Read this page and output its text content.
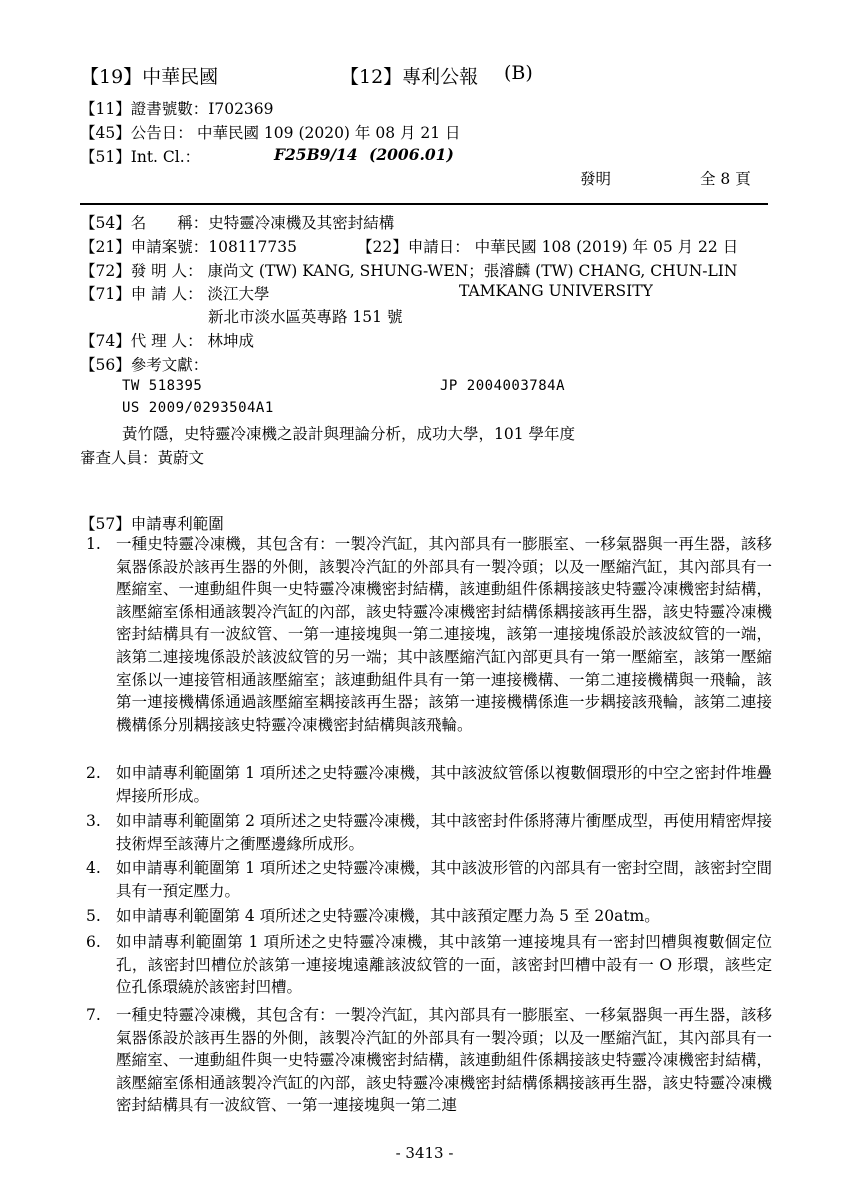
【19】中華民國	【12】專利公報 (B)
【11】證書號數：I702369
【45】公告日： 中華民國 109 (2020) 年 08 月 21 日
【51】Int. Cl.：	F25B9/14 (2006.01)
發明	全 8 頁
【54】名　　稱：史特靈冷凍機及其密封結構
【21】申請案號：108117735	【22】申請日： 中華民國 108 (2019) 年 05 月 22 日
【72】發 明 人： 康尚文 (TW) KANG, SHUNG-WEN；張濬麟 (TW) CHANG, CHUN-LIN
【71】申 請 人： 淡江大學	TAMKANG UNIVERSITY
新北市淡水區英專路 151 號
【74】代 理 人： 林坤成
【56】參考文獻：
TW 518395	JP 2004003784A
US 2009/0293504A1
黃竹隱，史特靈冷凍機之設計與理論分析，成功大學，101 學年度
審查人員：黃蔚文
【57】申請專利範圍
1. 一種史特靈冷凍機，其包含有：一製冷汽缸，其內部具有一膨脹室、一移氣器與一再生器，該移氣器係設於該再生器的外側，該製冷汽缸的外部具有一製冷頭；以及一壓縮汽缸，其內部具有一壓縮室、一連動組件與一史特靈冷凍機密封結構，該連動組件係耦接該史特靈冷凍機密封結構，該壓縮室係相通該製冷汽缸的內部，該史特靈冷凍機密封結構係耦接該再生器，該史特靈冷凍機密封結構具有一波紋管、一第一連接塊與一第二連接塊，該第一連接塊係設於該波紋管的一端，該第二連接塊係設於該波紋管的另一端；其中該壓縮汽缸內部更具有一第一壓縮室，該第一壓縮室係以一連接管相通該壓縮室；該連動組件具有一第一連接機構、一第二連接機構與一飛輪，該第一連接機構係通過該壓縮室耦接該再生器；該第一連接機構係進一步耦接該飛輪，該第二連接機構係分別耦接該史特靈冷凍機密封結構與該飛輪。
2. 如申請專利範圍第 1 項所述之史特靈冷凍機，其中該波紋管係以複數個環形的中空之密封件堆疊焊接所形成。
3. 如申請專利範圍第 2 項所述之史特靈冷凍機，其中該密封件係將薄片衝壓成型，再使用精密焊接技術焊至該薄片之衝壓邊緣所成形。
4. 如申請專利範圍第 1 項所述之史特靈冷凍機，其中該波形管的內部具有一密封空間，該密封空間具有一預定壓力。
5. 如申請專利範圍第 4 項所述之史特靈冷凍機，其中該預定壓力為 5 至 20atm。
6. 如申請專利範圍第 1 項所述之史特靈冷凍機，其中該第一連接塊具有一密封凹槽與複數個定位孔，該密封凹槽位於該第一連接塊遠離該波紋管的一面，該密封凹槽中設有一 O 形環，該些定位孔係環繞於該密封凹槽。
7. 一種史特靈冷凍機，其包含有：一製冷汽缸，其內部具有一膨脹室、一移氣器與一再生器，該移氣器係設於該再生器的外側，該製冷汽缸的外部具有一製冷頭；以及一壓縮汽缸，其內部具有一壓縮室、一連動組件與一史特靈冷凍機密封結構，該連動組件係耦接該史特靈冷凍機密封結構，該壓縮室係相通該製冷汽缸的內部，該史特靈冷凍機密封結構係耦接該再生器，該史特靈冷凍機密封結構具有一波紋管、一第一連接塊與一第二連
- 3413 -
